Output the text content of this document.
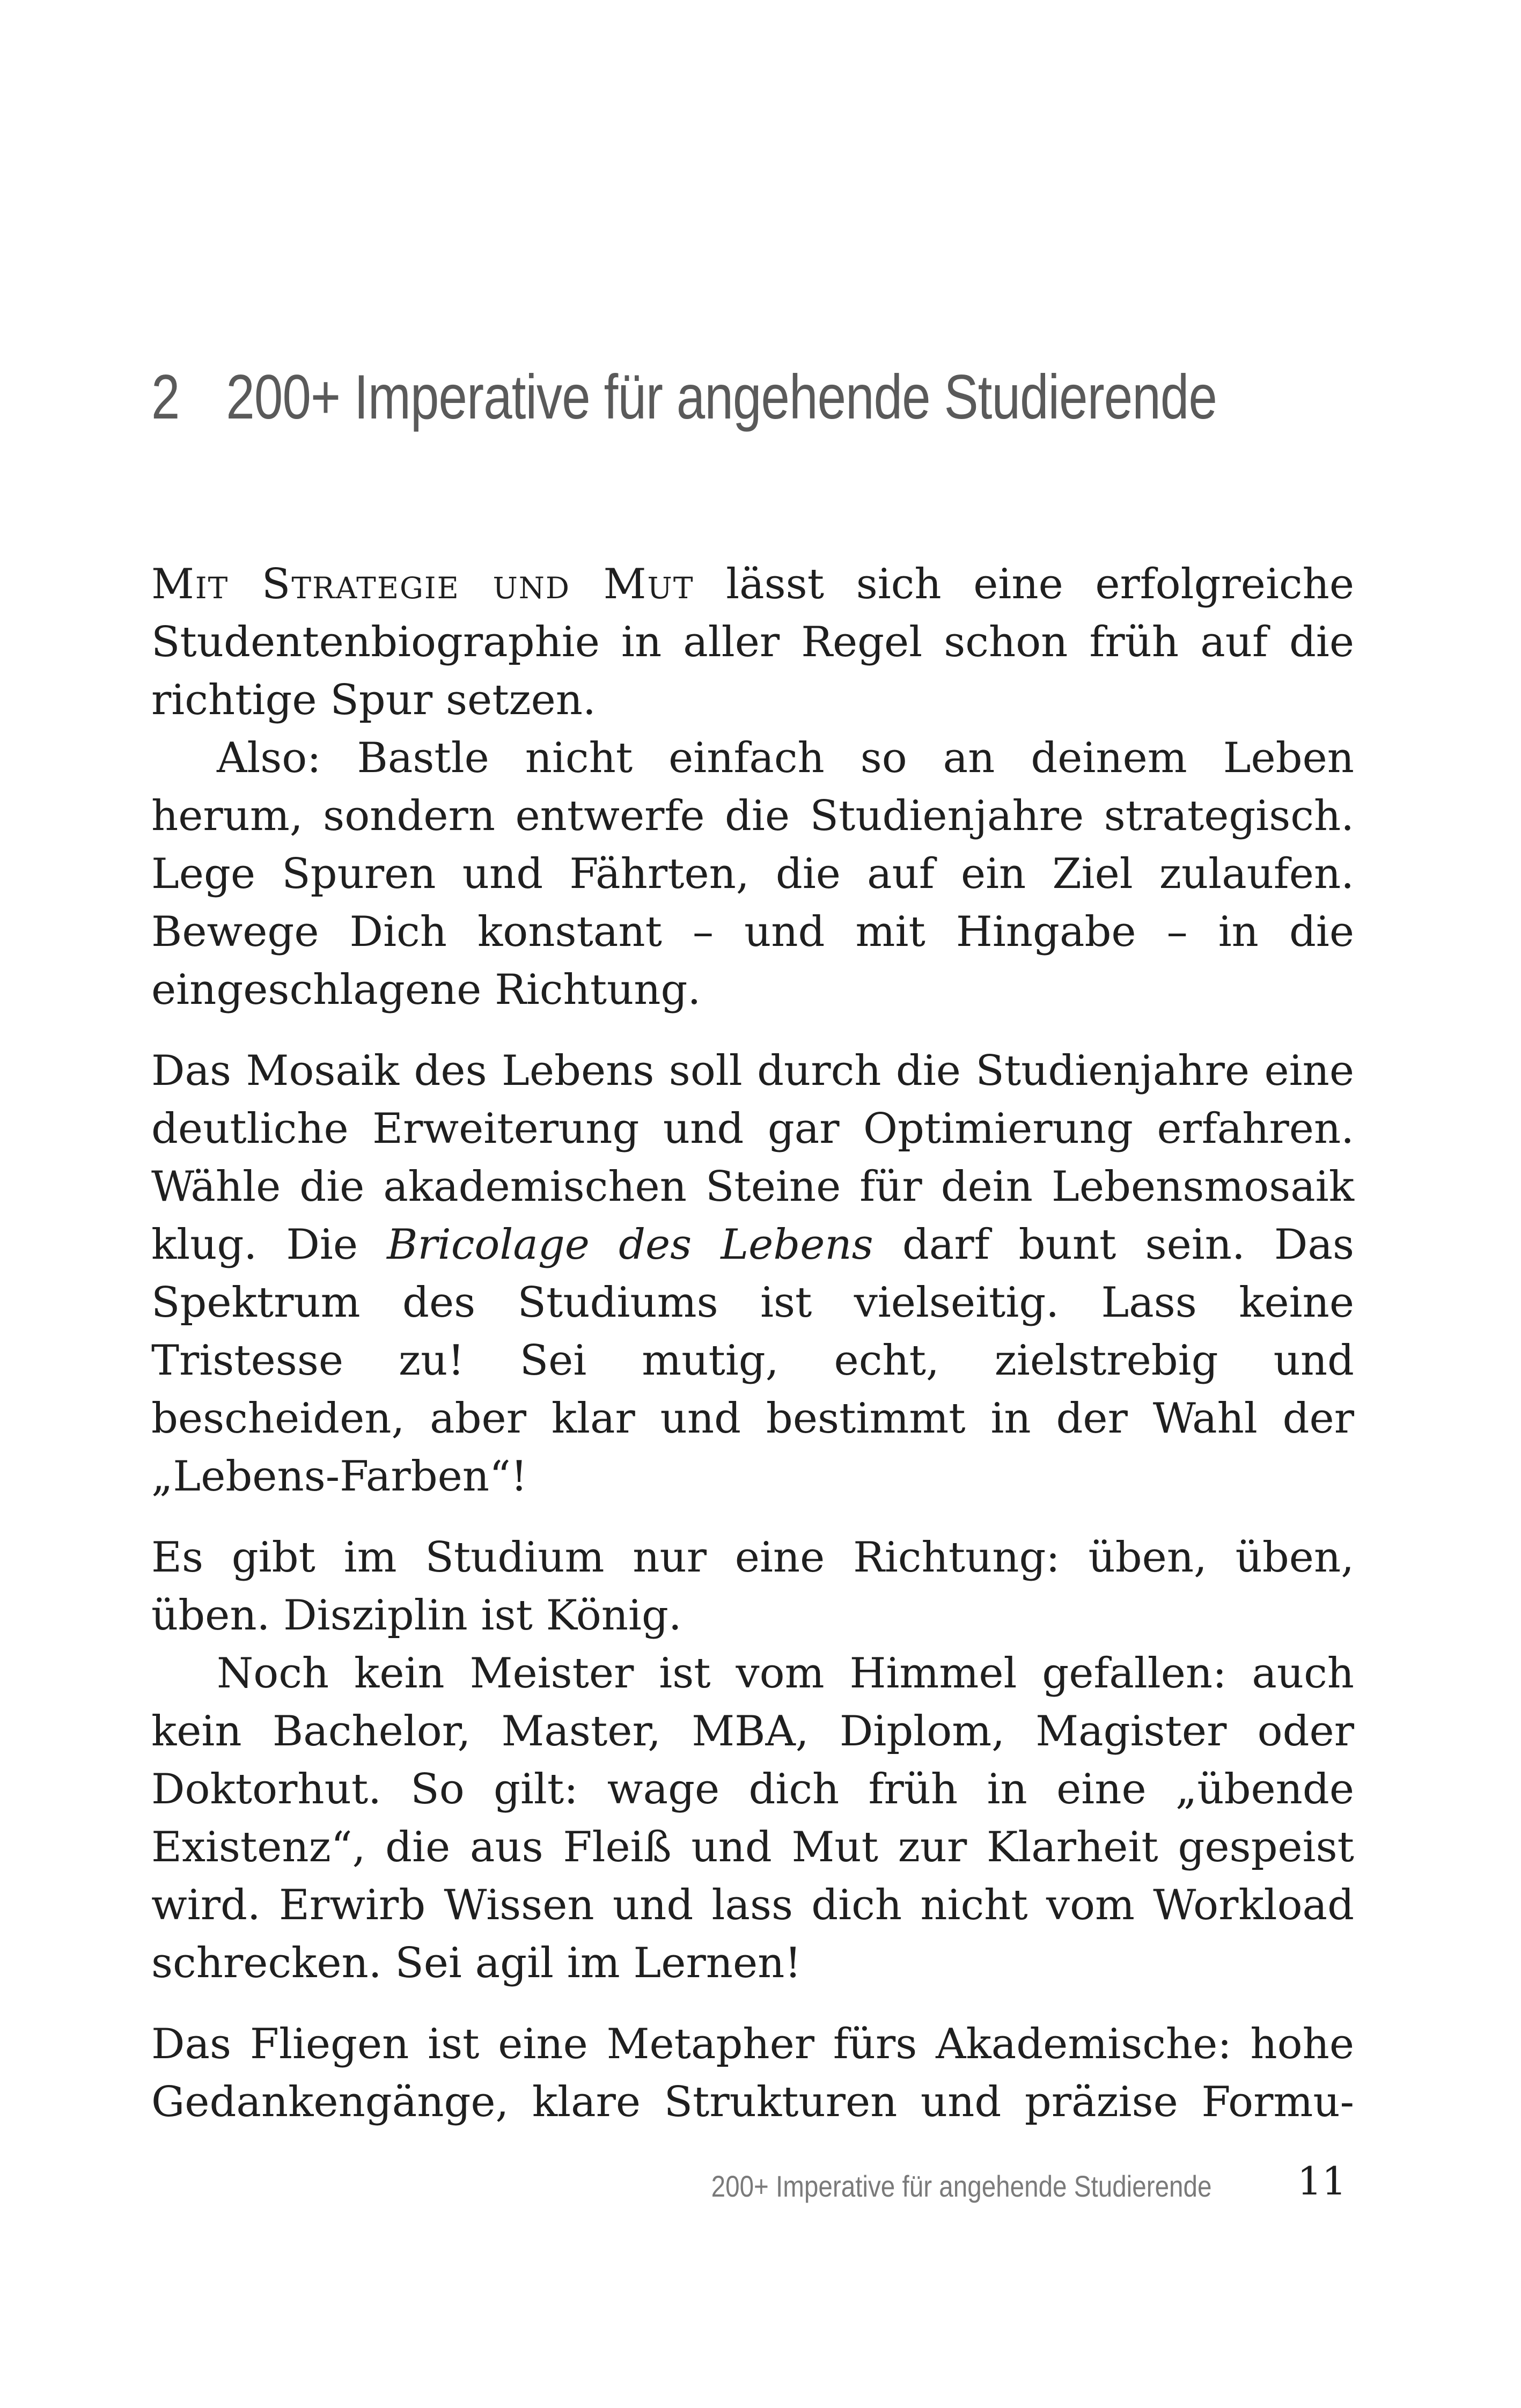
2 200+ Imperative für angehende Studierende

Mit Strategie und Mut lässt sich eine erfolgreiche Studentenbiographie in aller Regel schon früh auf die richtige Spur setzen.

Also: Bastle nicht einfach so an deinem Leben herum, sondern entwerfe die Studienjahre strategisch. Lege Spuren und Fährten, die auf ein Ziel zulaufen. Bewege Dich konstant – und mit Hingabe – in die eingeschlagene Richtung.

Das Mosaik des Lebens soll durch die Studienjahre eine deutliche Erweiterung und gar Optimierung erfahren. Wähle die akademischen Steine für dein Lebensmosaik klug. Die Bricolage des Lebens darf bunt sein. Das Spektrum des Studiums ist vielseitig. Lass keine Tristesse zu! Sei mutig, echt, zielstrebig und bescheiden, aber klar und bestimmt in der Wahl der „Lebens-Farben“!

Es gibt im Studium nur eine Richtung: üben, üben, üben. Disziplin ist König.

Noch kein Meister ist vom Himmel gefallen: auch kein Bachelor, Master, MBA, Diplom, Magister oder Doktorhut. So gilt: wage dich früh in eine „übende Existenz“, die aus Fleiß und Mut zur Klarheit gespeist wird. Erwirb Wissen und lass dich nicht vom Workload schrecken. Sei agil im Lernen!

Das Fliegen ist eine Metapher fürs Akademische: hohe Gedankengänge, klare Strukturen und präzise Formu-

200+ Imperative für angehende Studierende 11
